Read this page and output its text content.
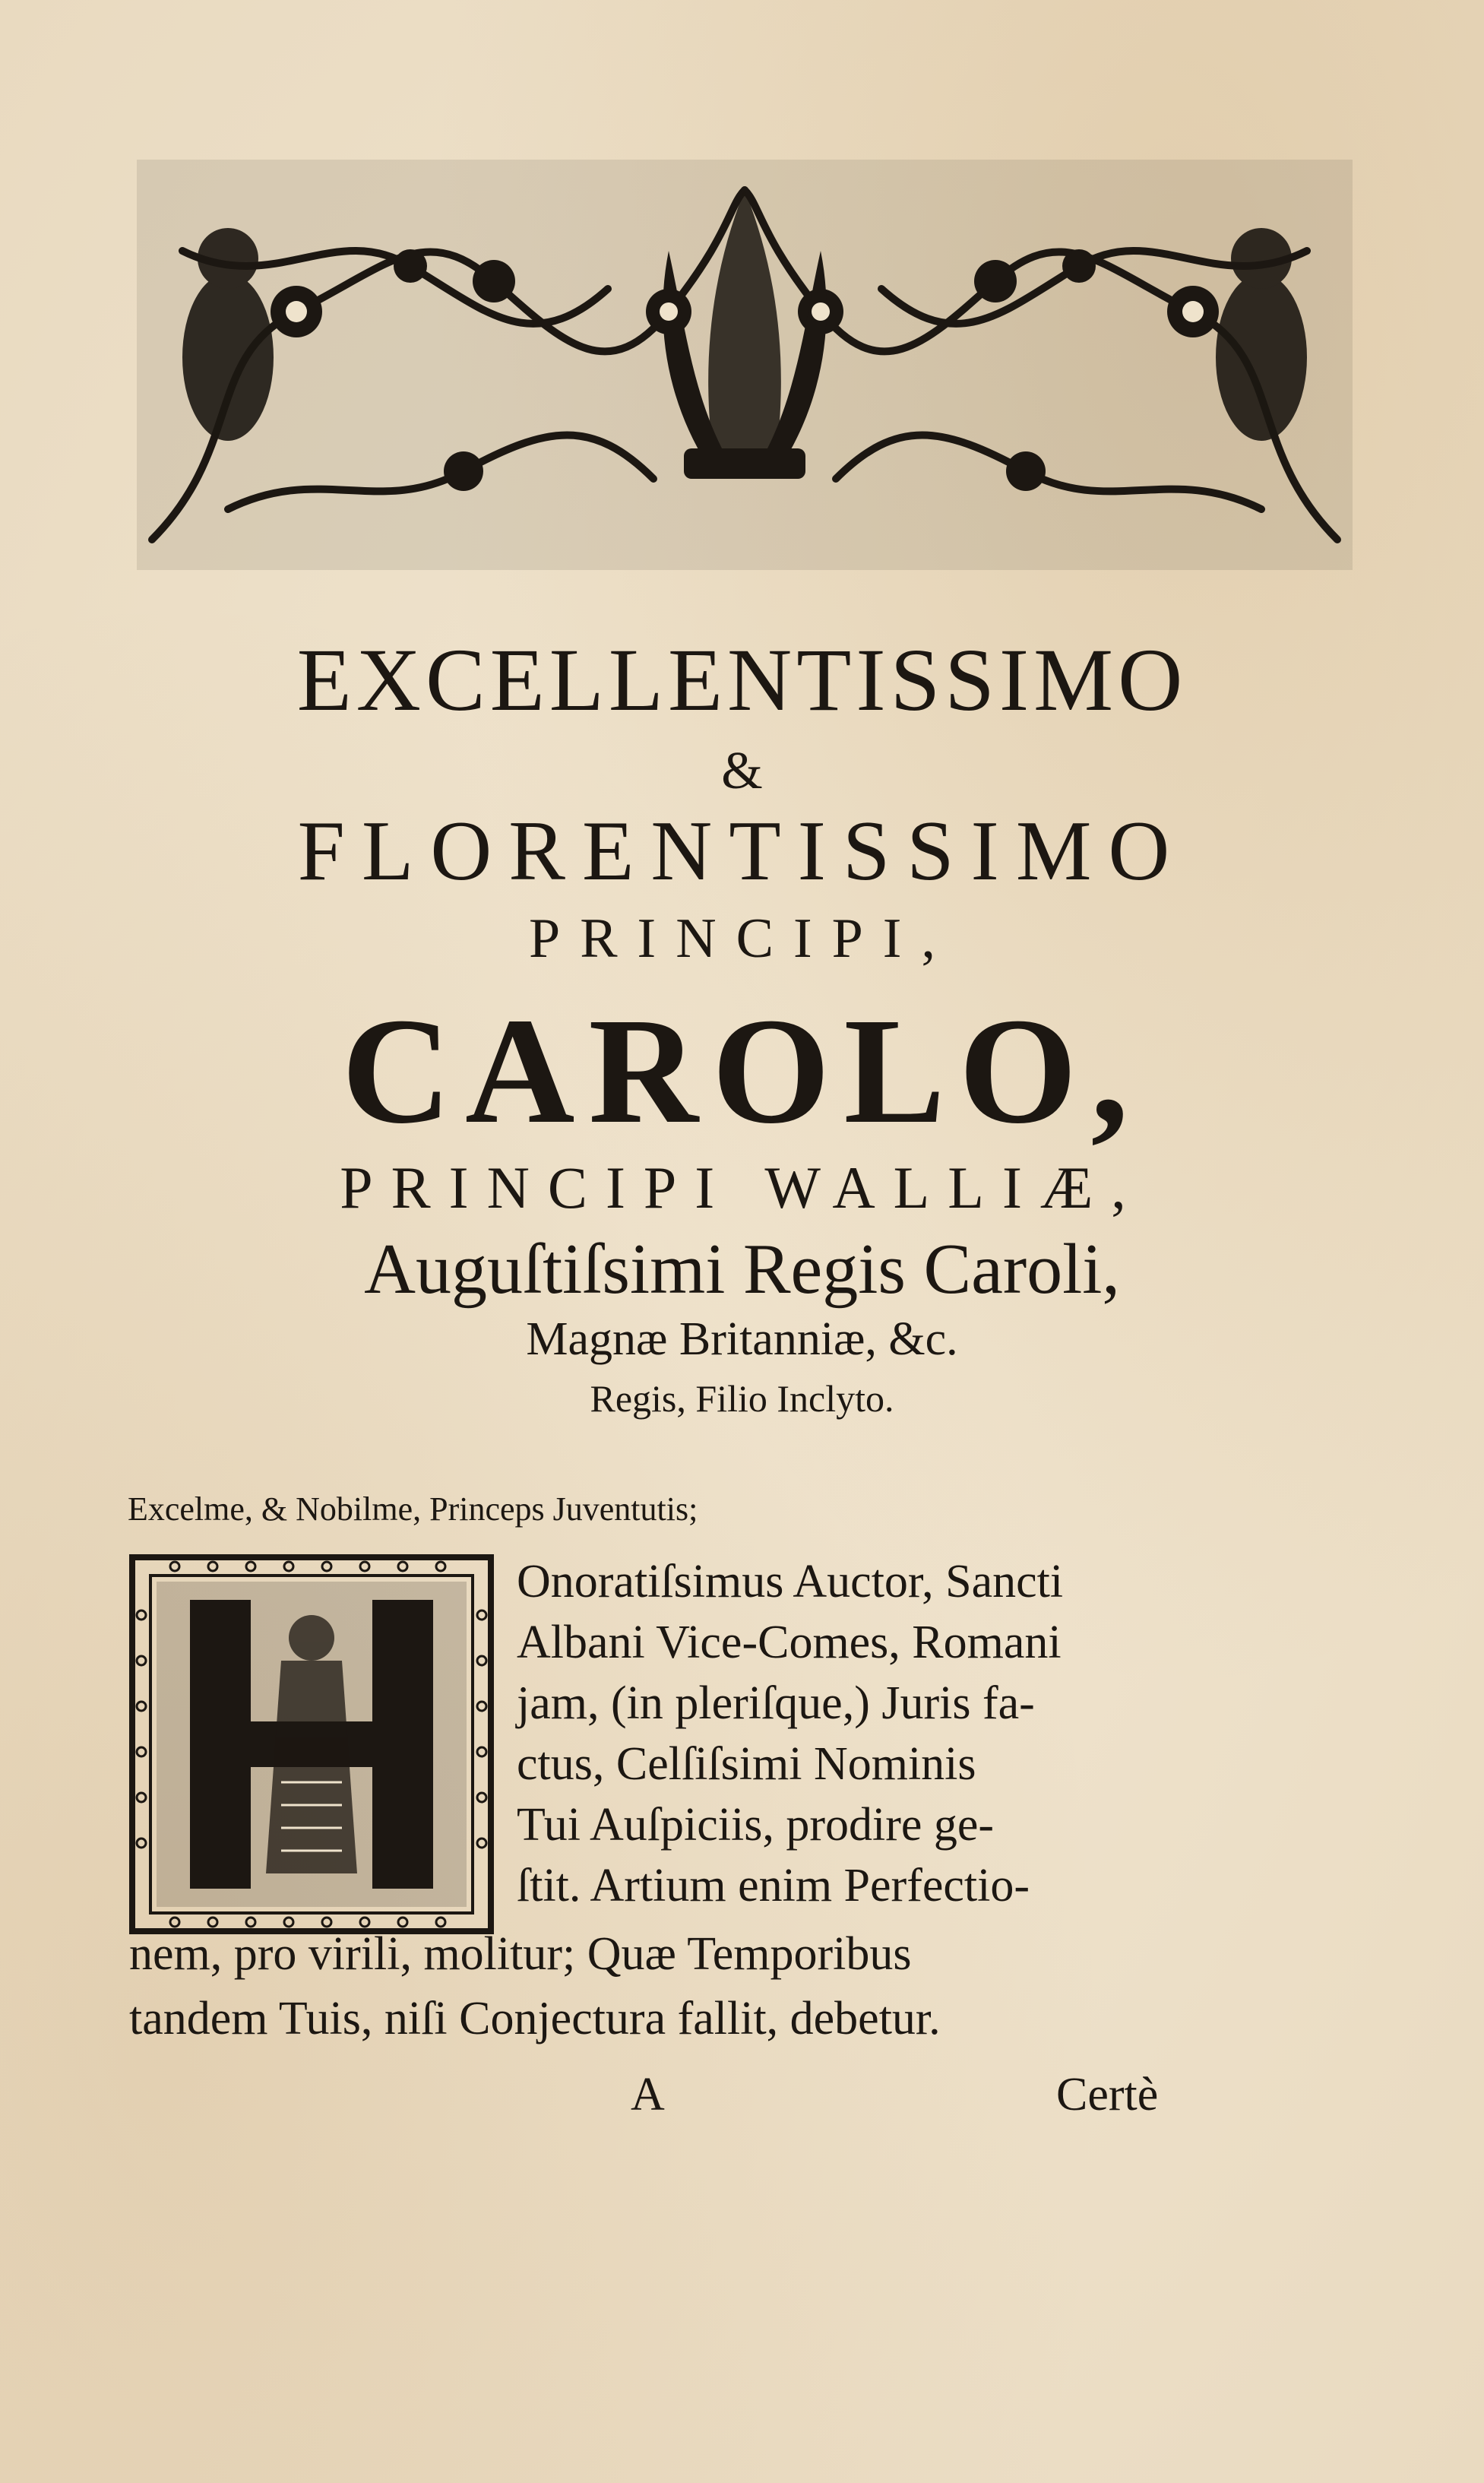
EXCELLENTISSIMO
&
FLORENTISSIMO
PRINCIPI,
CAROLO,
PRINCIPI WALLIÆ,
Auguſtiſsimi Regis Caroli,
Magnæ Britanniæ, &c.
Regis, Filio Inclyto.
Excelme, & Nobilme, Princeps Juventutis;
Onoratiſsimus Auctor, Sancti
Albani Vice-Comes, Romani
jam, (in pleriſque,) Juris fa-
ctus, Celſiſsimi Nominis
Tui Auſpiciis, prodire ge-
ſtit. Artium enim Perfectio-
nem, pro virili, molitur; Quæ Temporibus
tandem Tuis, niſi Conjectura fallit, debetur.
A	Certè
